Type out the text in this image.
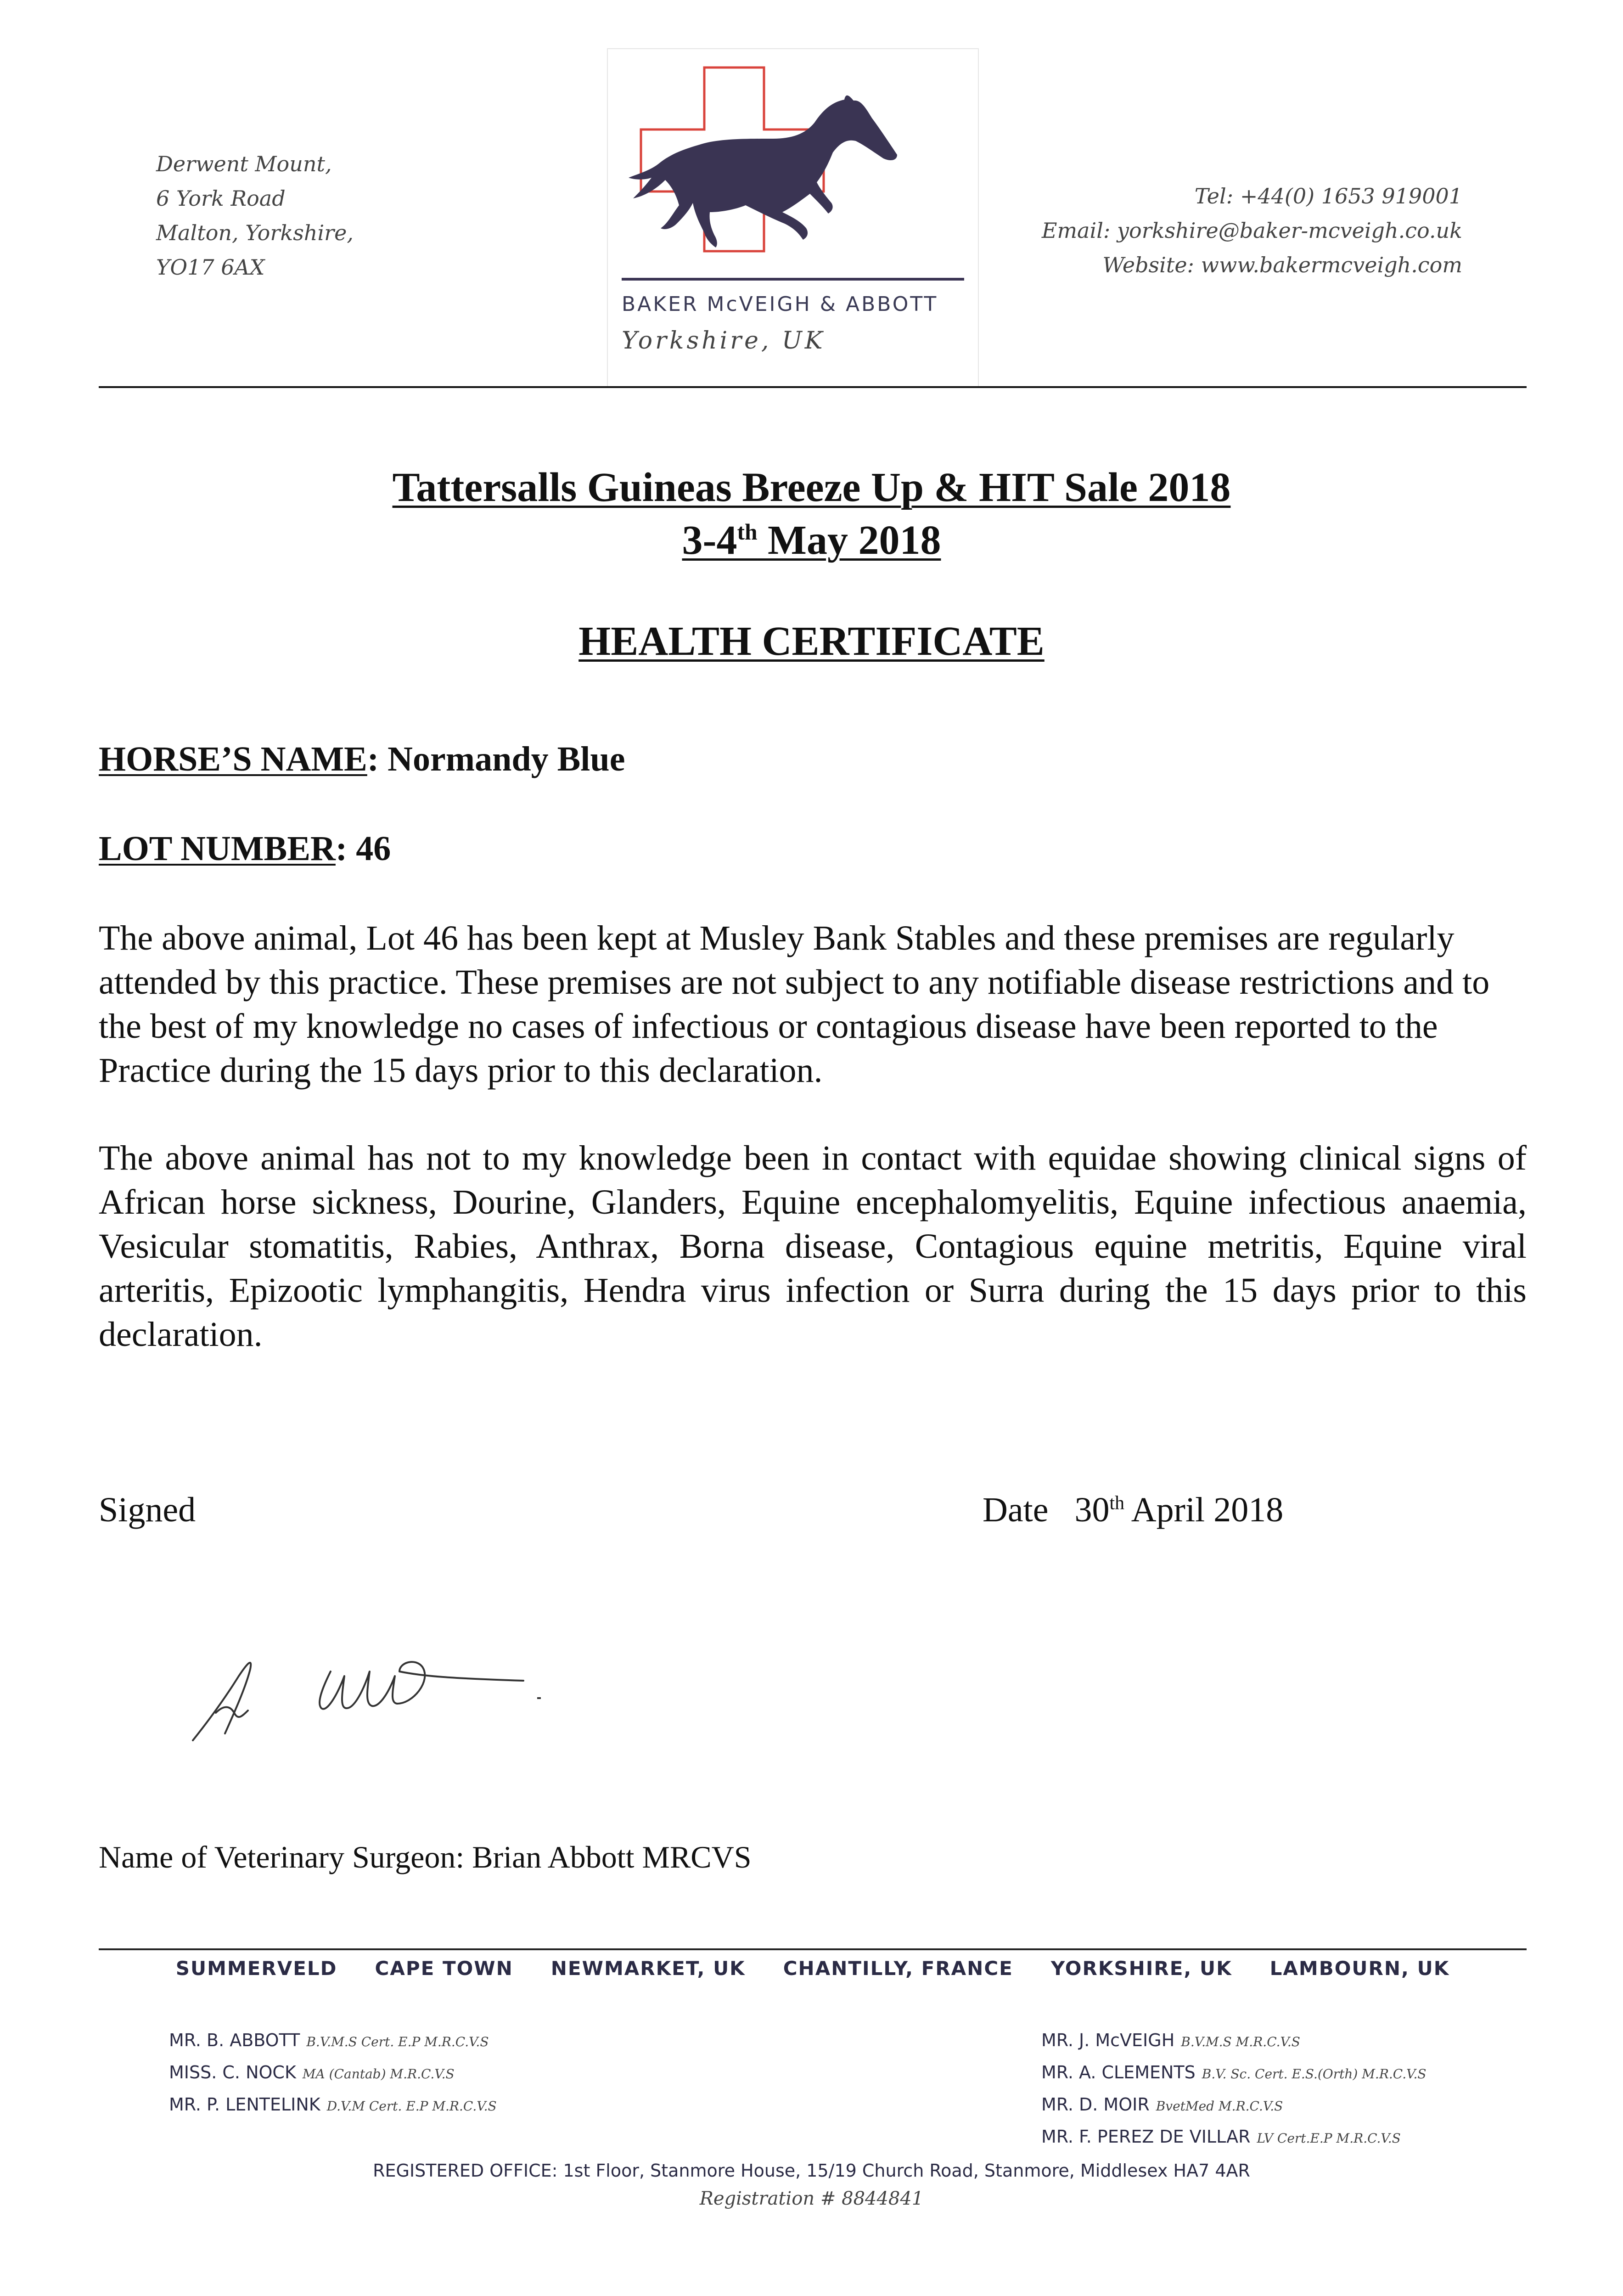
Derwent Mount,
6 York Road
Malton, Yorkshire,
YO17 6AX
BAKER McVEIGH & ABBOTT
Yorkshire, UK
Tel: +44(0) 1653 919001
Email: yorkshire@baker-mcveigh.co.uk
Website: www.bakermcveigh.com
Tattersalls Guineas Breeze Up & HIT Sale 2018
3-4th May 2018
HEALTH CERTIFICATE
HORSE’S NAME: Normandy Blue
LOT NUMBER: 46
The above animal, Lot 46 has been kept at Musley Bank Stables and these premises are regularly attended by this practice. These premises are not subject to any notifiable disease restrictions and to the best of my knowledge no cases of infectious or contagious disease have been reported to the Practice during the 15 days prior to this declaration.
The above animal has not to my knowledge been in contact with equidae showing clinical signs of African horse sickness, Dourine, Glanders, Equine encephalomyelitis, Equine infectious anaemia, Vesicular stomatitis, Rabies, Anthrax, Borna disease, Contagious equine metritis, Equine viral arteritis, Epizootic lymphangitis, Hendra virus infection or Surra during the 15 days prior to this declaration.
Signed	Date   30th April 2018
Name of Veterinary Surgeon: Brian Abbott MRCVS
SUMMERVELD CAPE TOWN NEWMARKET, UK CHANTILLY, FRANCE YORKSHIRE, UK LAMBOURN, UK
MR. B. ABBOTT B.V.M.S Cert. E.P M.R.C.V.S
MISS. C. NOCK MA (Cantab) M.R.C.V.S
MR. P. LENTELINK D.V.M Cert. E.P M.R.C.V.S
MR. J. McVEIGH B.V.M.S M.R.C.V.S
MR. A. CLEMENTS B.V. Sc. Cert. E.S.(Orth) M.R.C.V.S
MR. D. MOIR BvetMed M.R.C.V.S
MR. F. PEREZ DE VILLAR LV Cert.E.P M.R.C.V.S
REGISTERED OFFICE: 1st Floor, Stanmore House, 15/19 Church Road, Stanmore, Middlesex HA7 4AR
Registration # 8844841
